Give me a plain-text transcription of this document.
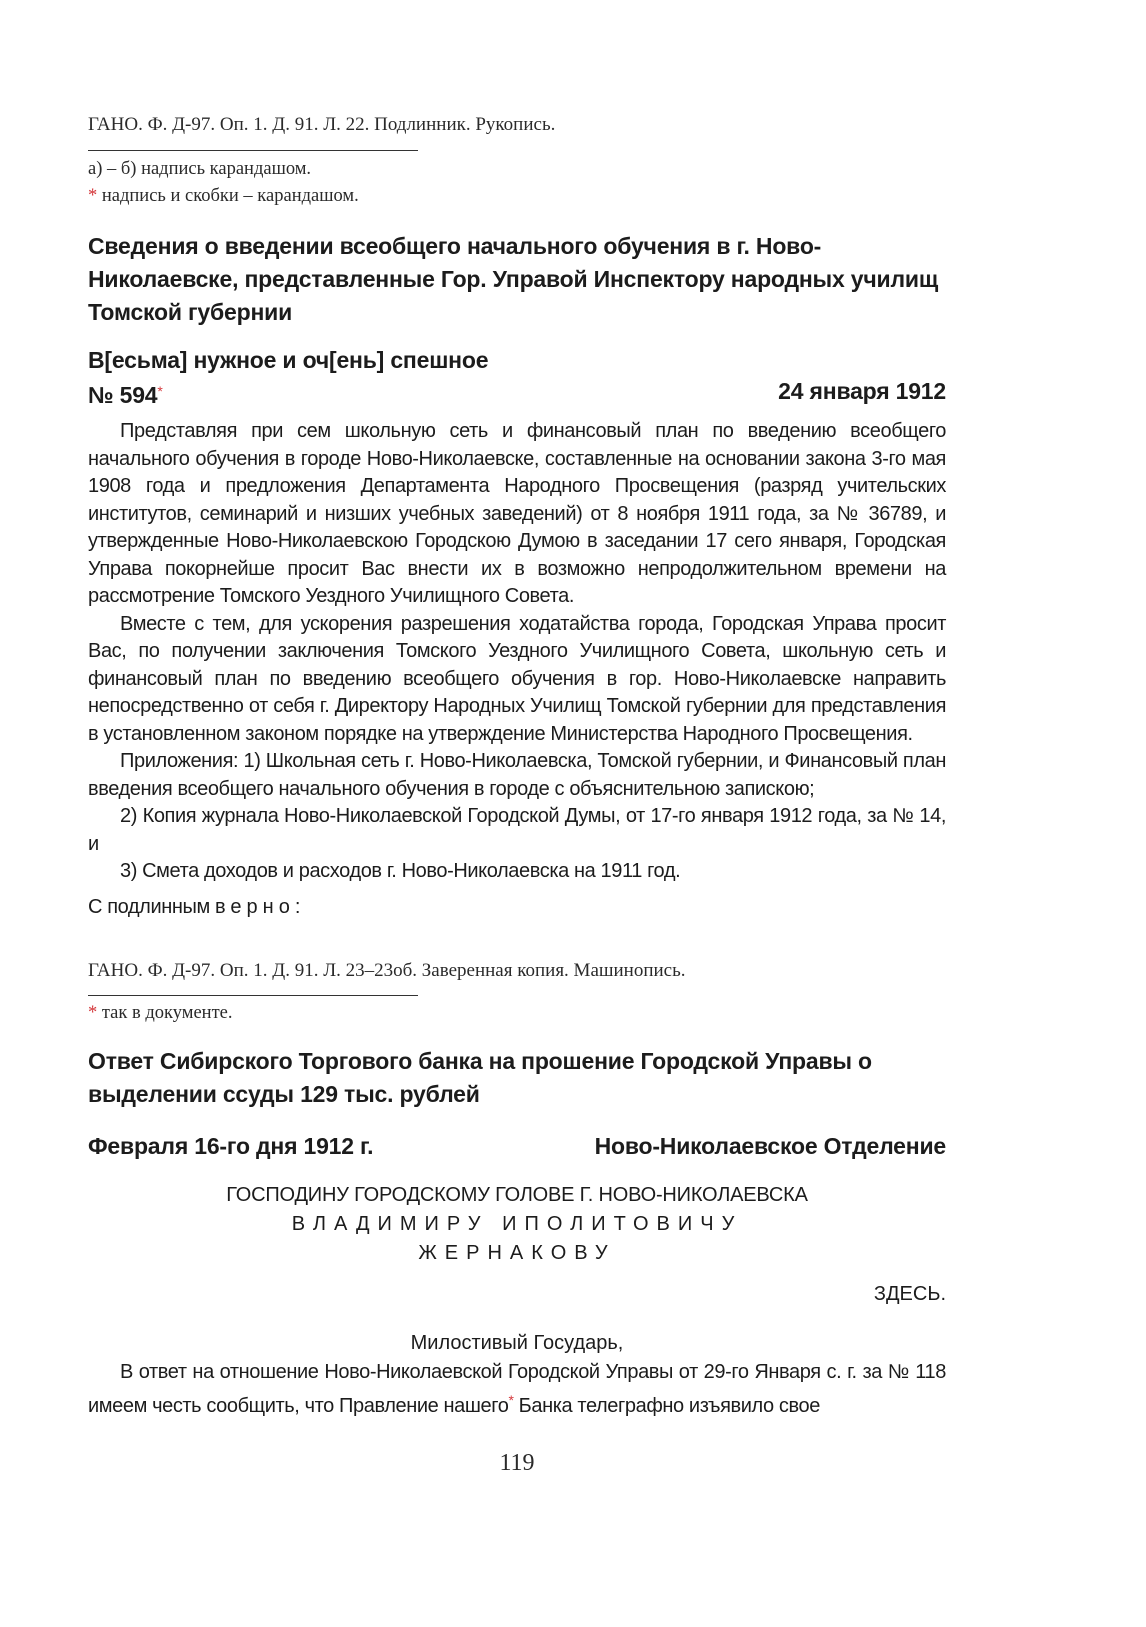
ГАНО. Ф. Д-97. Оп. 1. Д. 91. Л. 22. Подлинник. Рукопись.
а) – б) надпись карандашом.
* надпись и скобки – карандашом.
Сведения о введении всеобщего начального обучения в г. Ново-Николаевске, представленные Гор. Управой Инспектору народных училищ Томской губернии
В[есьма] нужное и оч[ень] спешное
№ 594*	24 января 1912

Представляя при сем школьную сеть и финансовый план по введению всеобщего начального обучения в городе Ново-Николаевске, составленные на основании закона 3-го мая 1908 года и предложения Департамента Народного Просвещения (разряд учительских институтов, семинарий и низших учебных заведений) от 8 ноября 1911 года, за № 36789, и утвержденные Ново-Николаевскою Городскою Думою в заседании 17 сего января, Городская Управа покорнейше просит Вас внести их в возможно непродолжительном времени на рассмотрение Томского Уездного Училищного Совета.

Вместе с тем, для ускорения разрешения ходатайства города, Городская Управа просит Вас, по получении заключения Томского Уездного Училищного Совета, школьную сеть и финансовый план по введению всеобщего обучения в гор. Ново-Николаевске направить непосредственно от себя г. Директору Народных Училищ Томской губернии для представления в установленном законом порядке на утверждение Министерства Народного Просвещения.

Приложения: 1) Школьная сеть г. Ново-Николаевска, Томской губернии, и Финансовый план введения всеобщего начального обучения в городе с объяснительною запискою;

2) Копия журнала Ново-Николаевской Городской Думы, от 17-го января 1912 года, за № 14, и

3) Смета доходов и расходов г. Ново-Николаевска на 1911 год.

С подлинным верно:

ГАНО. Ф. Д-97. Оп. 1. Д. 91. Л. 23–23об. Заверенная копия. Машинопись.
* так в документе.
Ответ Сибирского Торгового банка на прошение Городской Управы о выделении ссуды 129 тыс. рублей
Февраля 16-го дня 1912 г.	Ново-Николаевское Отделение
ГОСПОДИНУ ГОРОДСКОМУ ГОЛОВЕ Г. НОВО-НИКОЛАЕВСКА
ВЛАДИМИРУ ИПОЛИТОВИЧУ
ЖЕРНАКОВУ
ЗДЕСЬ.
Милостивый Государь,

В ответ на отношение Ново-Николаевской Городской Управы от 29-го Января с. г. за № 118 имеем честь сообщить, что Правление нашего* Банка телеграфно изъявило свое

119
